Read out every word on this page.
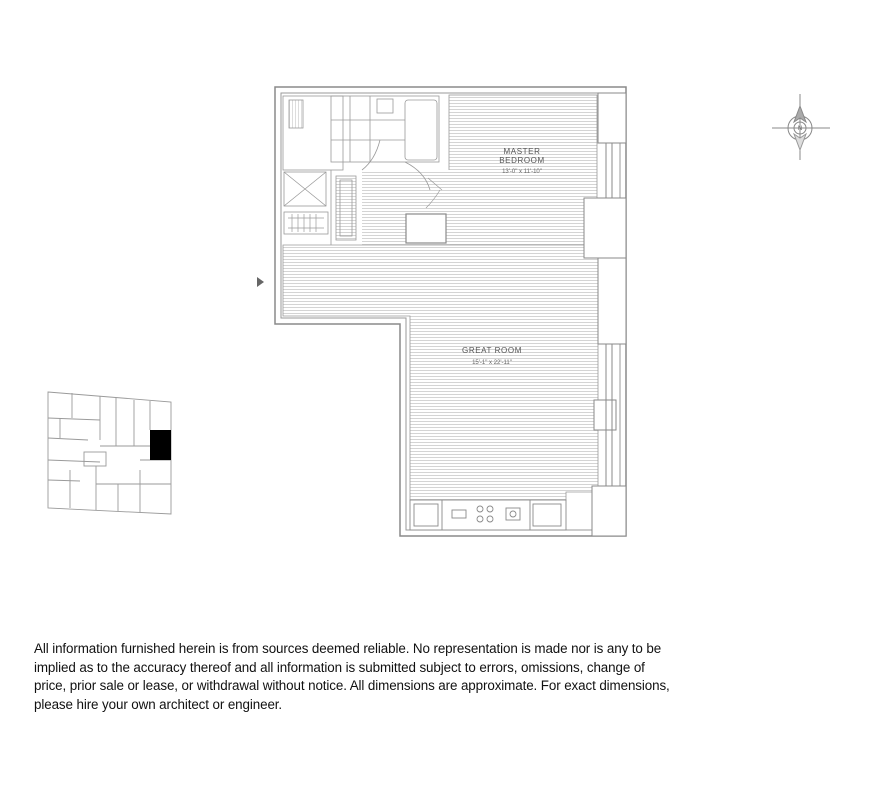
MASTER
BEDROOM
13'-0" x 11'-10"
GREAT ROOM
15'-1" x 22'-11"
N
All information furnished herein is from sources deemed reliable. No representation is made nor is any to be
implied as to the accuracy thereof and all information is submitted subject to errors, omissions, change of
price, prior sale or lease, or withdrawal without notice. All dimensions are approximate. For exact dimensions,
please hire your own architect or engineer.
